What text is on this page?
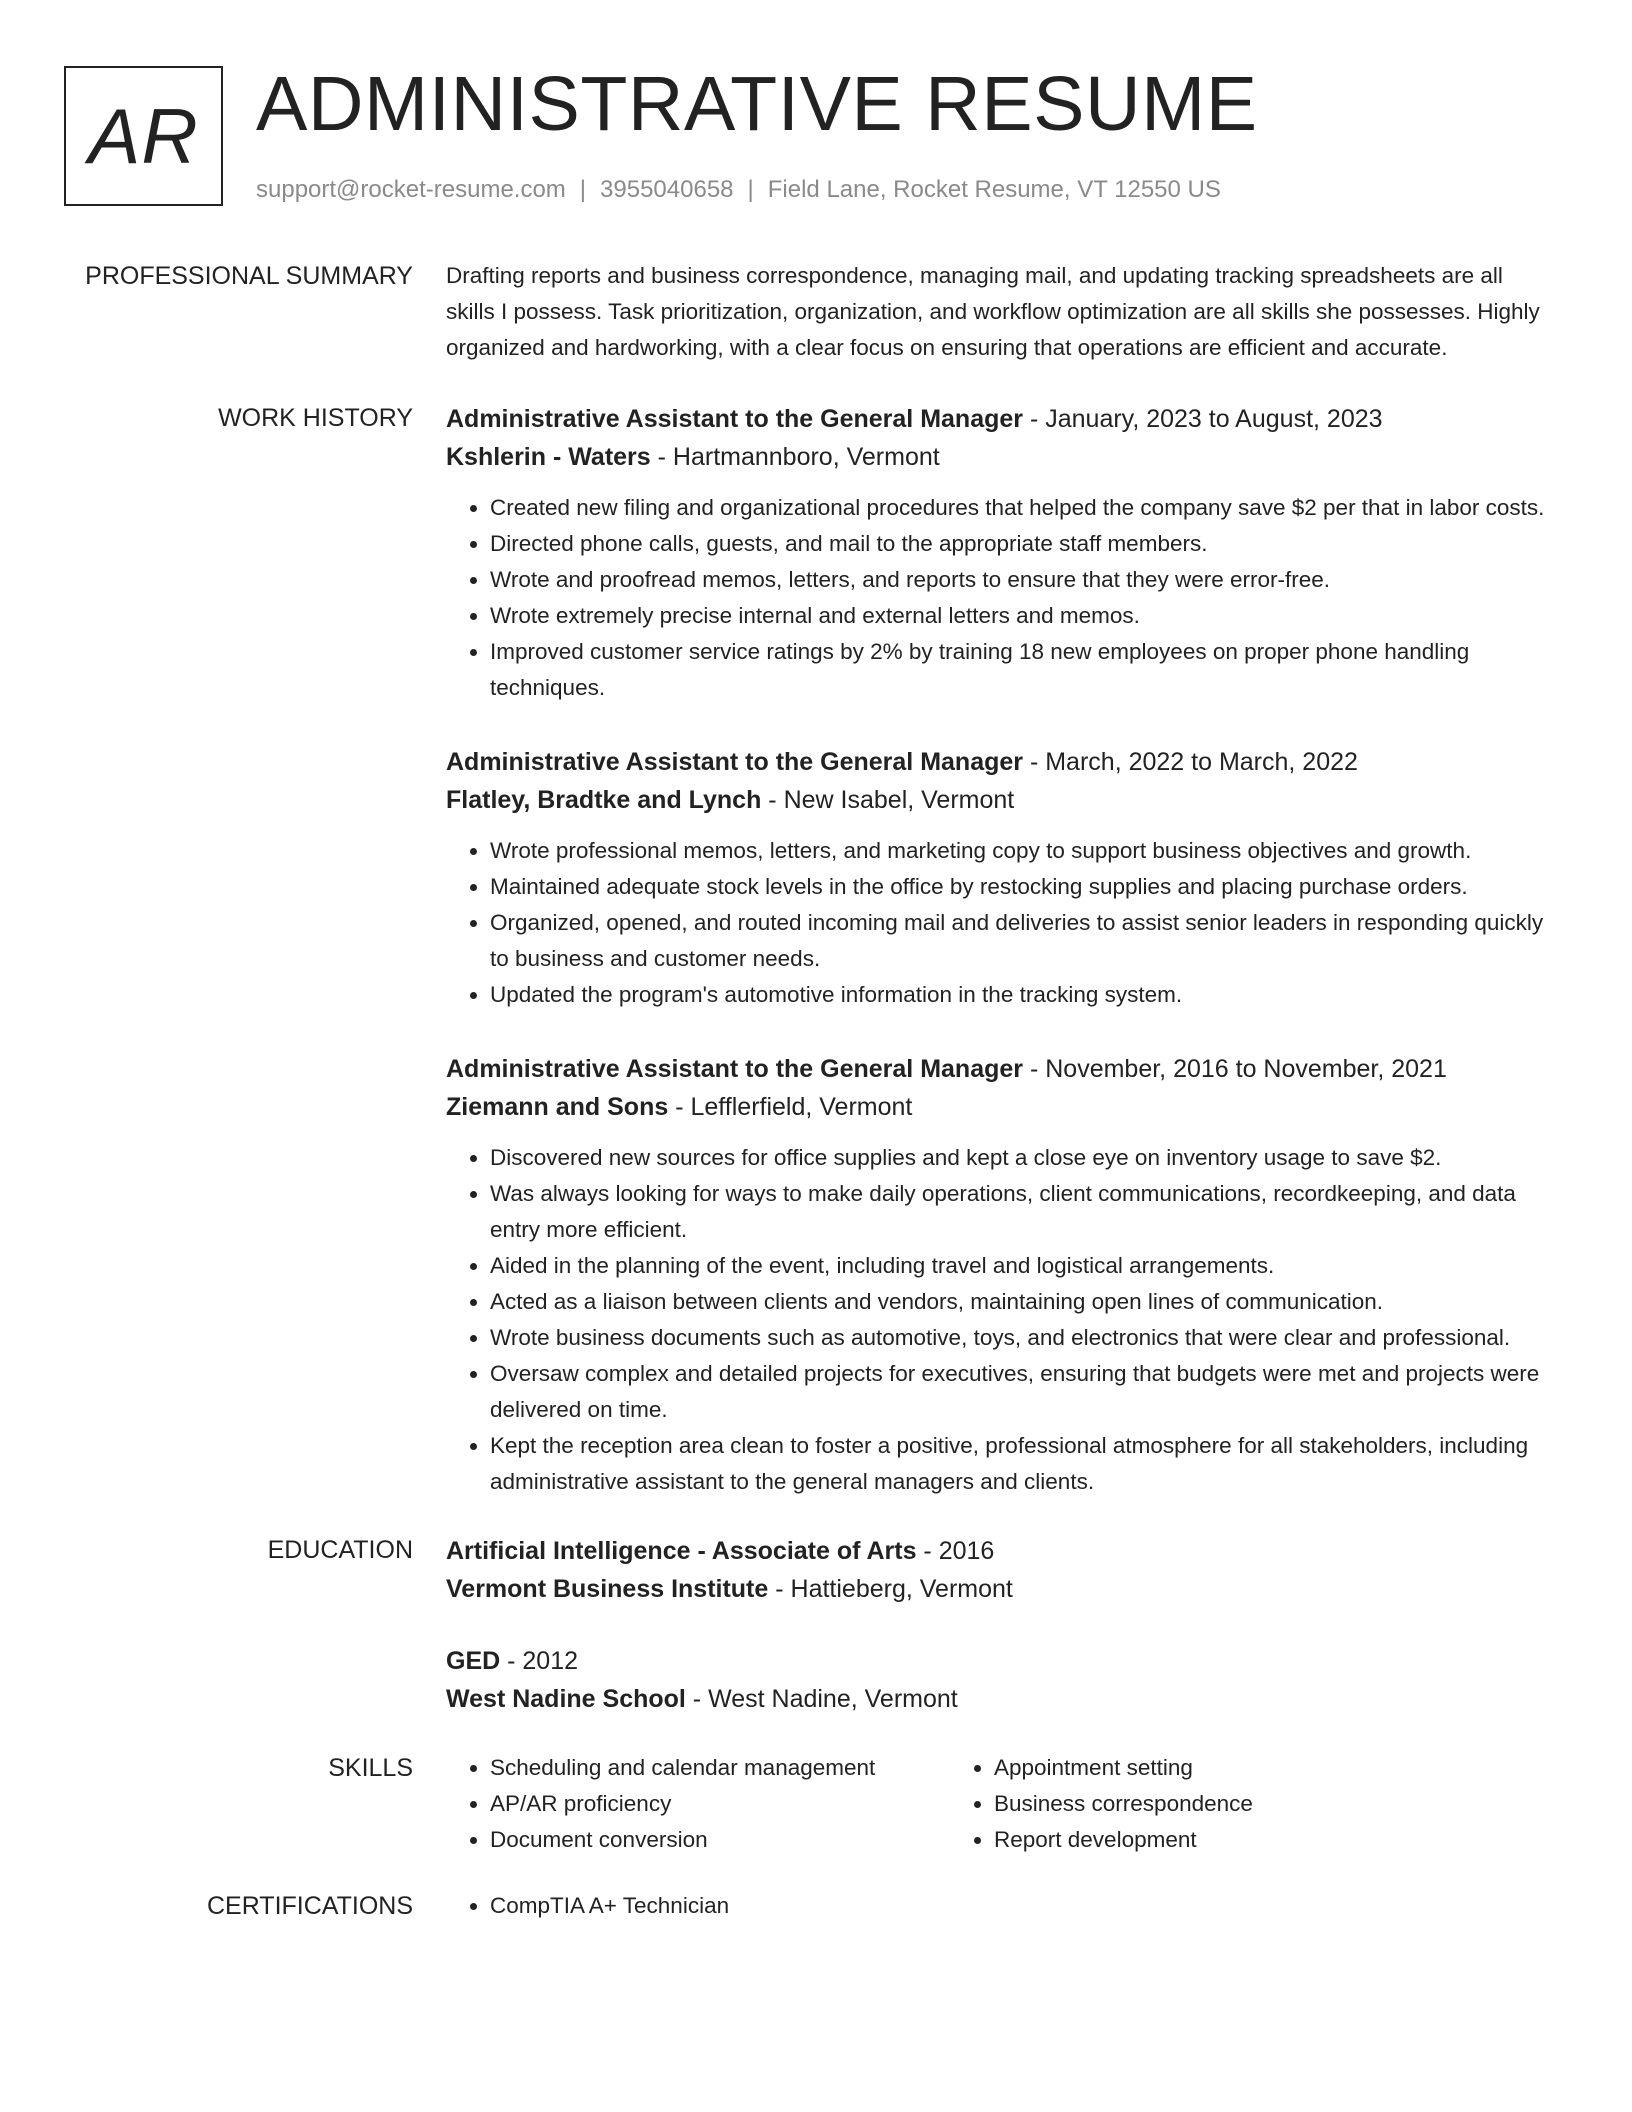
AR ADMINISTRATIVE RESUME
support@rocket-resume.com | 3955040658 | Field Lane, Rocket Resume, VT 12550 US
PROFESSIONAL SUMMARY Drafting reports and business correspondence, managing mail, and updating tracking spreadsheets are all skills I possess. Task prioritization, organization, and workflow optimization are all skills she possesses. Highly organized and hardworking, with a clear focus on ensuring that operations are efficient and accurate.

WORK HISTORY Administrative Assistant to the General Manager - January, 2023 to August, 2023
Kshlerin - Waters - Hartmannboro, Vermont
• Created new filing and organizational procedures that helped the company save $2 per that in labor costs.
• Directed phone calls, guests, and mail to the appropriate staff members.
• Wrote and proofread memos, letters, and reports to ensure that they were error-free.
• Wrote extremely precise internal and external letters and memos.
• Improved customer service ratings by 2% by training 18 new employees on proper phone handling techniques.
Administrative Assistant to the General Manager - March, 2022 to March, 2022
Flatley, Bradtke and Lynch - New Isabel, Vermont
• Wrote professional memos, letters, and marketing copy to support business objectives and growth.
• Maintained adequate stock levels in the office by restocking supplies and placing purchase orders.
• Organized, opened, and routed incoming mail and deliveries to assist senior leaders in responding quickly to business and customer needs.
• Updated the program's automotive information in the tracking system.
Administrative Assistant to the General Manager - November, 2016 to November, 2021
Ziemann and Sons - Lefflerfield, Vermont
• Discovered new sources for office supplies and kept a close eye on inventory usage to save $2.
• Was always looking for ways to make daily operations, client communications, recordkeeping, and data entry more efficient.
• Aided in the planning of the event, including travel and logistical arrangements.
• Acted as a liaison between clients and vendors, maintaining open lines of communication.
• Wrote business documents such as automotive, toys, and electronics that were clear and professional.
• Oversaw complex and detailed projects for executives, ensuring that budgets were met and projects were delivered on time.
• Kept the reception area clean to foster a positive, professional atmosphere for all stakeholders, including administrative assistant to the general managers and clients.
EDUCATION Artificial Intelligence - Associate of Arts - 2016
Vermont Business Institute - Hattieberg, Vermont
GED - 2012
West Nadine School - West Nadine, Vermont
SKILLS	• Scheduling and calendar management
• AP/AR proficiency
• Document conversion
• Appointment setting
• Business correspondence
• Report development
CERTIFICATIONS	• CompTIA A+ Technician
